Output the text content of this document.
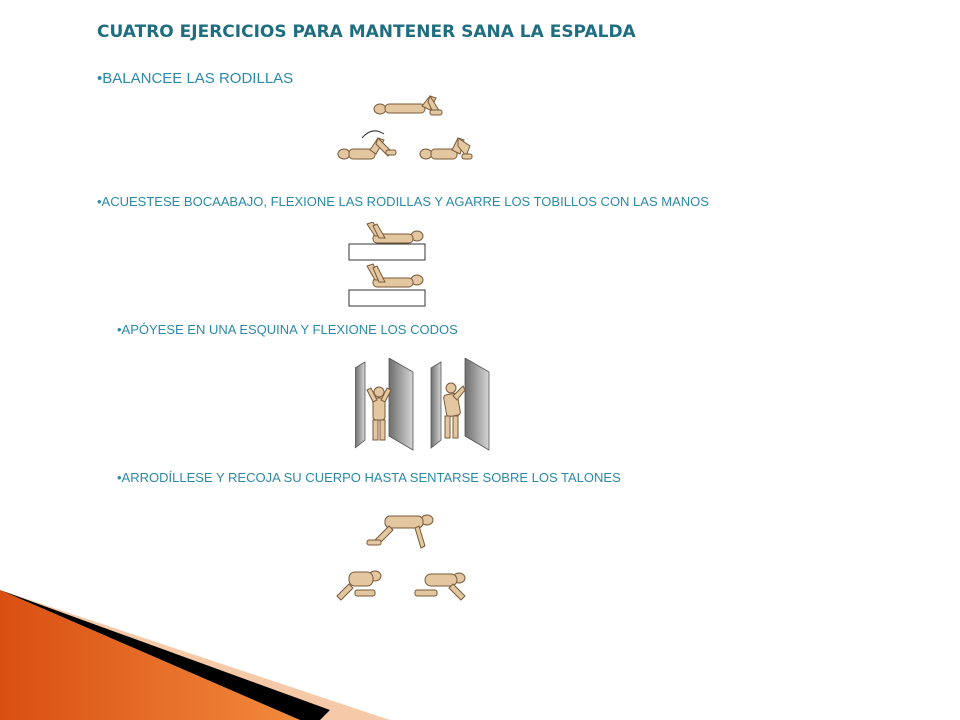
CUATRO EJERCICIOS PARA MANTENER SANA LA ESPALDA
•BALANCEE LAS RODILLAS
•ACUESTESE BOCAABAJO, FLEXIONE LAS RODILLAS Y AGARRE LOS TOBILLOS CON LAS MANOS
•APÓYESE EN UNA ESQUINA Y FLEXIONE LOS CODOS
•ARRODÍLLESE Y RECOJA SU CUERPO HASTA SENTARSE SOBRE LOS TALONES
